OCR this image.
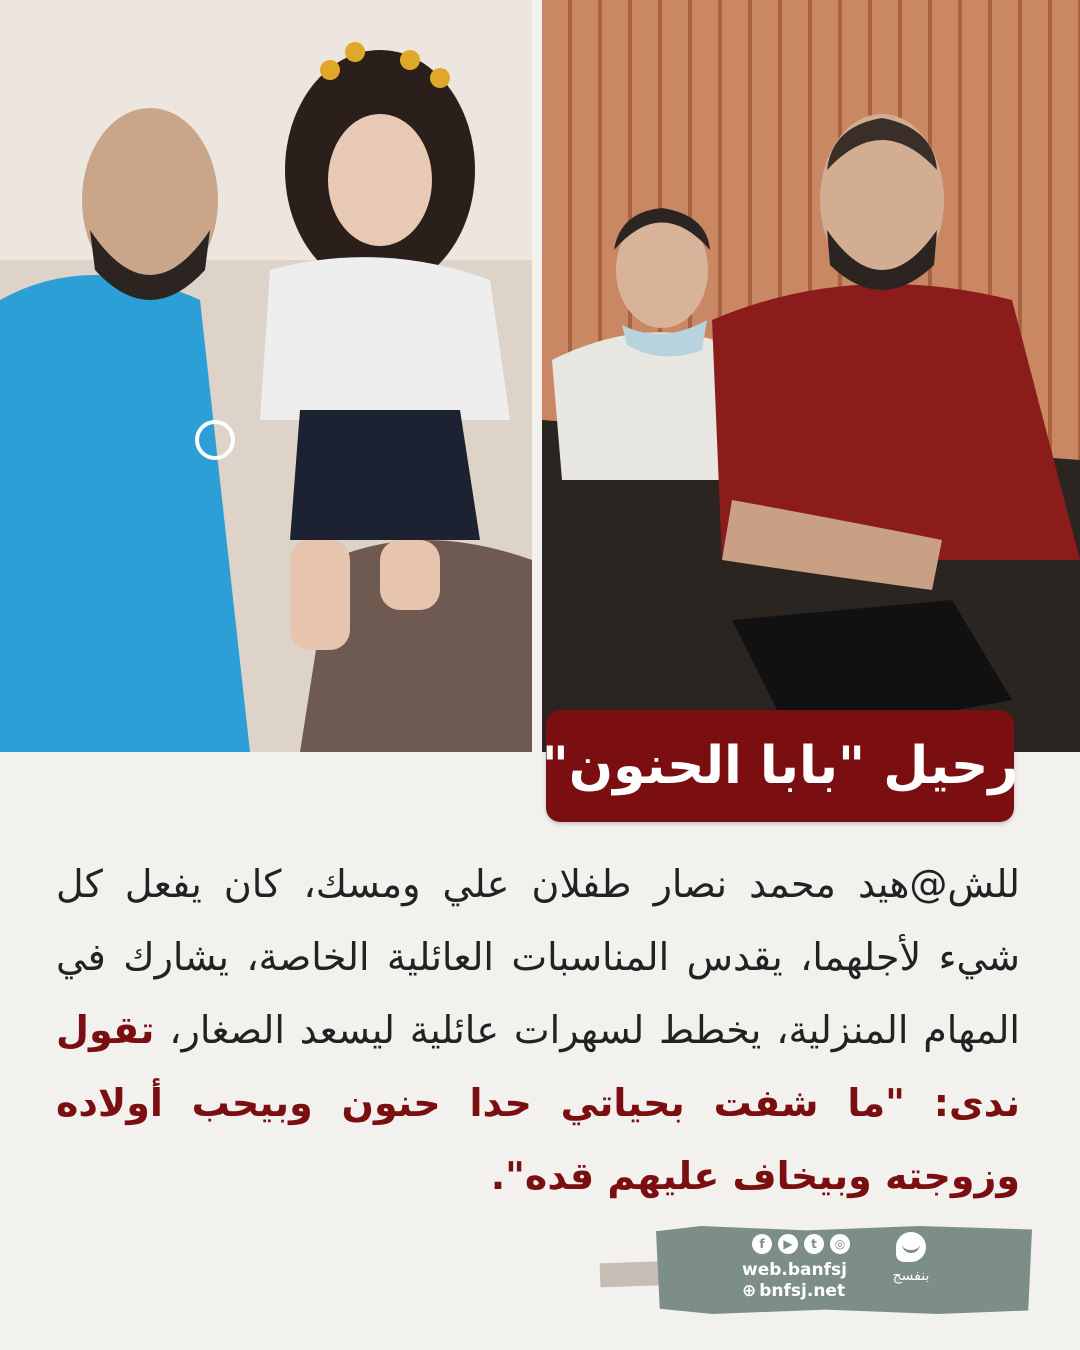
رحيل "بابا الحنون"
للش@هيد محمد نصار طفلان علي ومسك، كان يفعل كل شيء لأجلهما، يقدس المناسبات العائلية الخاصة، يشارك في المهام المنزلية، يخطط لسهرات عائلية ليسعد الصغار، تقول ندى: "ما شفت بحياتي حدا حنون وبيحب أولاده وزوجته وبيخاف عليهم قده".
f	▶	t	◎
web.banfsj
⊕ bnfsj.net
بنفسج
